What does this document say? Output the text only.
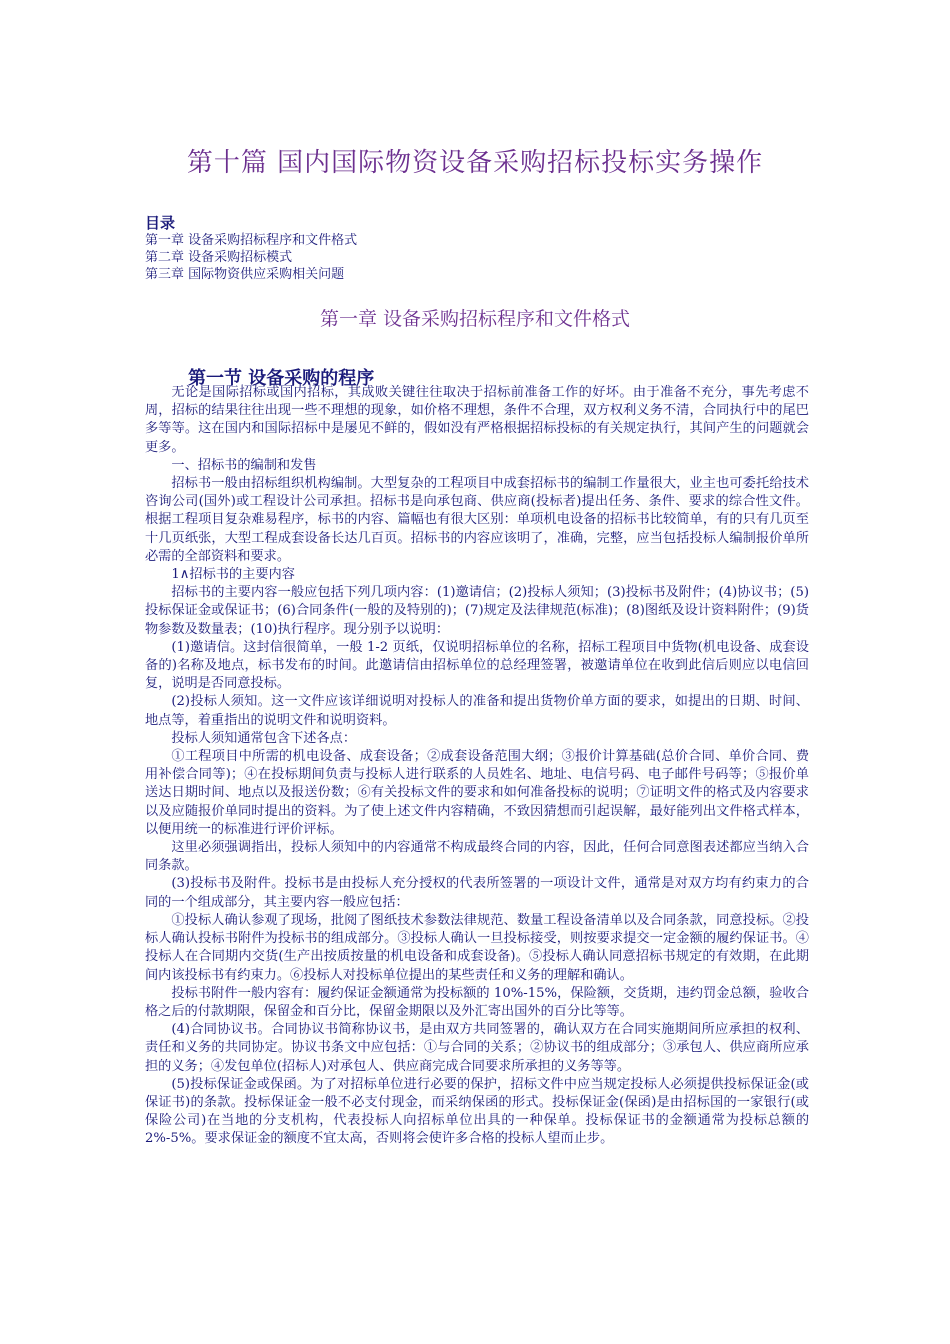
第十篇 国内国际物资设备采购招标投标实务操作
目录
第一章 设备采购招标程序和文件格式
第二章 设备采购招标模式
第三章 国际物资供应采购相关问题
第一章 设备采购招标程序和文件格式
第一节 设备采购的程序

无论是国际招标或国内招标，其成败关键往往取决于招标前准备工作的好坏。由于准备不充分，事先考虑不周，招标的结果往往出现一些不理想的现象，如价格不理想，条件不合理，双方权利义务不清，合同执行中的尾巴多等等。这在国内和国际招标中是屡见不鲜的，假如没有严格根据招标投标的有关规定执行，其间产生的问题就会更多。

一、招标书的编制和发售

招标书一般由招标组织机构编制。大型复杂的工程项目中成套招标书的编制工作量很大，业主也可委托给技术咨询公司(国外)或工程设计公司承担。招标书是向承包商、供应商(投标者)提出任务、条件、要求的综合性文件。根据工程项目复杂难易程序，标书的内容、篇幅也有很大区别：单项机电设备的招标书比较简单，有的只有几页至十几页纸张，大型工程成套设备长达几百页。招标书的内容应该明了，准确，完整，应当包括投标人编制报价单所必需的全部资料和要求。

1∧招标书的主要内容

招标书的主要内容一般应包括下列几项内容：(1)邀请信；(2)投标人须知；(3)投标书及附件；(4)协议书；(5)投标保证金或保证书；(6)合同条件(一般的及特别的)；(7)规定及法律规范(标准)；(8)图纸及设计资料附件；(9)货物参数及数量表；(10)执行程序。现分别予以说明：

(1)邀请信。这封信很简单，一般 1-2 页纸，仅说明招标单位的名称，招标工程项目中货物(机电设备、成套设备的)名称及地点，标书发布的时间。此邀请信由招标单位的总经理签署，被邀请单位在收到此信后则应以电信回复，说明是否同意投标。

(2)投标人须知。这一文件应该详细说明对投标人的准备和提出货物价单方面的要求，如提出的日期、时间、地点等，着重指出的说明文件和说明资料。

投标人须知通常包含下述各点：

①工程项目中所需的机电设备、成套设备；②成套设备范围大纲；③报价计算基础(总价合同、单价合同、费用补偿合同等)；④在投标期间负责与投标人进行联系的人员姓名、地址、电信号码、电子邮件号码等；⑤报价单送达日期时间、地点以及报送份数；⑥有关投标文件的要求和如何准备投标的说明；⑦证明文件的格式及内容要求以及应随报价单同时提出的资料。为了使上述文件内容精确，不致因猜想而引起误解，最好能列出文件格式样本，以便用统一的标准进行评价评标。

这里必须强调指出，投标人须知中的内容通常不构成最终合同的内容，因此，任何合同意图表述都应当纳入合同条款。

(3)投标书及附件。投标书是由投标人充分授权的代表所签署的一项设计文件，通常是对双方均有约束力的合同的一个组成部分，其主要内容一般应包括：

①投标人确认参观了现场，批阅了图纸技术参数法律规范、数量工程设备清单以及合同条款，同意投标。②投标人确认投标书附件为投标书的组成部分。③投标人确认一旦投标接受，则按要求提交一定金额的履约保证书。④投标人在合同期内交货(生产出按质按量的机电设备和成套设备)。⑤投标人确认同意招标书规定的有效期，在此期间内该投标书有约束力。⑥投标人对投标单位提出的某些责任和义务的理解和确认。

投标书附件一般内容有：履约保证金额通常为投标额的 10%-15%，保险额，交货期，违约罚金总额，验收合格之后的付款期限，保留金和百分比，保留金期限以及外汇寄出国外的百分比等等。

(4)合同协议书。合同协议书简称协议书，是由双方共同签署的，确认双方在合同实施期间所应承担的权利、责任和义务的共同协定。协议书条文中应包括：①与合同的关系；②协议书的组成部分；③承包人、供应商所应承担的义务；④发包单位(招标人)对承包人、供应商完成合同要求所承担的义务等等。

(5)投标保证金或保函。为了对招标单位进行必要的保护，招标文件中应当规定投标人必须提供投标保证金(或保证书)的条款。投标保证金一般不必支付现金，而采纳保函的形式。投标保证金(保函)是由招标国的一家银行(或保险公司)在当地的分支机构，代表投标人向招标单位出具的一种保单。投标保证书的金额通常为投标总额的 2%-5%。要求保证金的额度不宜太高，否则将会使许多合格的投标人望而止步。
